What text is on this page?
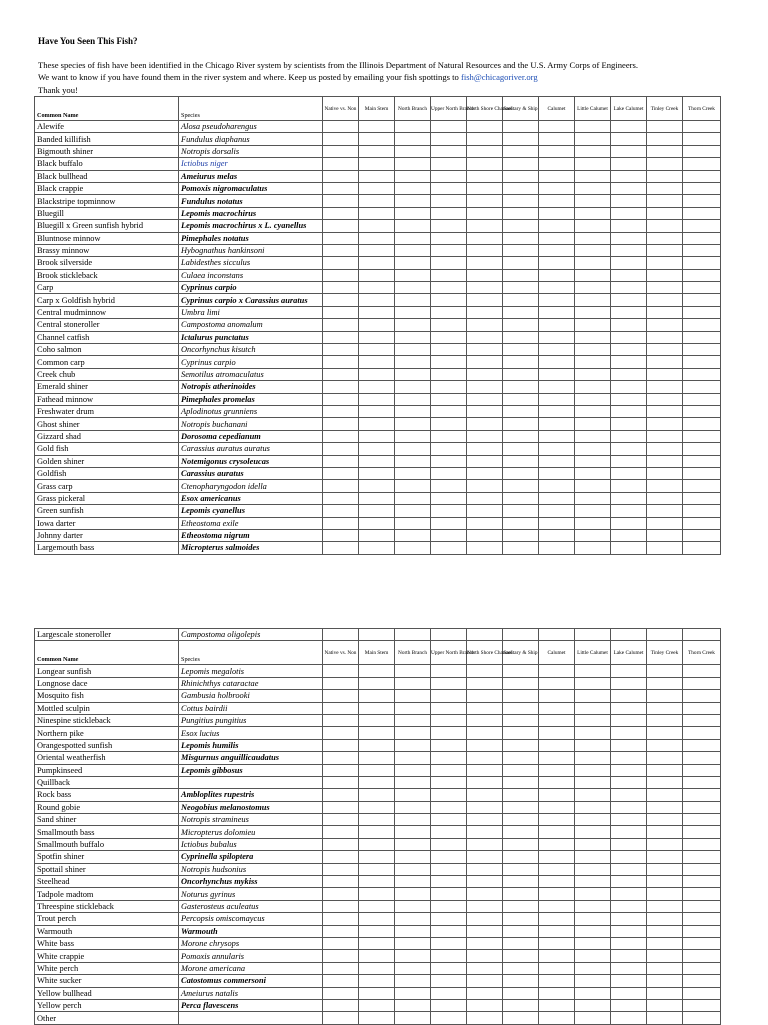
Have You Seen This Fish?
These species of fish have been identified in the Chicago River system by scientists from the Illinois Department of Natural Resources and the U.S. Army Corps of Engineers.
We want to know if you have found them in the river system and where. Keep us posted by emailing your fish spottings to fish@chicagoriver.org
Thank you!
Common Name	Species	Native vs. Non	Main Stem	North Branch	Upper North Branch	North Shore Channel	Sanitary & Ship	Calumet	Little Calumet	Lake Calumet	Tinley Creek	Thorn Creek
Alewife	Alosa pseudoharengus											
Banded killifish	Fundulus diaphanus											
Bigmouth shiner	Notropis dorsalis											
Black buffalo	Ictiobus niger											
Black bullhead	Ameiurus melas											
Black crappie	Pomoxis nigromaculatus											
Blackstripe topminnow	Fundulus notatus											
Bluegill	Lepomis macrochirus											
Bluegill x Green sunfish hybrid	Lepomis macrochirus x L. cyanellus											
Bluntnose minnow	Pimephales notatus											
Brassy minnow	Hybognathus hankinsoni											
Brook silverside	Labidesthes sicculus											
Brook stickleback	Culaea inconstans											
Carp	Cyprinus carpio											
Carp x Goldfish hybrid	Cyprinus carpio x Carassius auratus											
Central mudminnow	Umbra limi											
Central stoneroller	Campostoma anomalum											
Channel catfish	Ictalurus punctatus											
Coho salmon	Oncorhynchus kisutch											
Common carp	Cyprinus carpio											
Creek chub	Semotilus atromaculatus											
Emerald shiner	Notropis atherinoides											
Fathead minnow	Pimephales promelas											
Freshwater drum	Aplodinotus grunniens											
Ghost shiner	Notropis buchanani											
Gizzard shad	Dorosoma cepedianum											
Gold fish	Carassius auratus auratus											
Golden shiner	Notemigonus crysoleucas											
Goldfish	Carassius auratus											
Grass carp	Ctenopharyngodon idella											
Grass pickeral	Esox americanus											
Green sunfish	Lepomis cyanellus											
Iowa darter	Etheostoma exile											
Johnny darter	Etheostoma nigrum											
Largemouth bass	Micropterus salmoides											
Largescale stoneroller	Campostoma oligolepis											
Common Name	Species	Native vs. Non	Main Stem	North Branch	Upper North Branch	North Shore Channel	Sanitary & Ship	Calumet	Little Calumet	Lake Calumet	Tinley Creek	Thorn Creek
Longear sunfish	Lepomis megalotis											
Longnose dace	Rhinichthys cataractae											
Mosquito fish	Gambusia holbrooki											
Mottled sculpin	Cottus bairdii											
Ninespine stickleback	Pungitius pungitius											
Northern pike	Esox lucius											
Orangespotted sunfish	Lepomis humilis											
Oriental weatherfish	Misgurnus anguillicaudatus											
Pumpkinseed	Lepomis gibbosus											
Quillback												
Rock bass	Ambloplites rupestris											
Round gobie	Neogobius melanostomus											
Sand shiner	Notropis stramineus											
Smallmouth bass	Micropterus dolomieu											
Smallmouth buffalo	Ictiobus bubalus											
Spotfin shiner	Cyprinella spiloptera											
Spottail shiner	Notropis hudsonius											
Steelhead	Oncorhynchus mykiss											
Tadpole madtom	Noturus gyrinus											
Threespine stickleback	Gasterosteus aculeatus											
Trout perch	Percopsis omiscomaycus											
Warmouth	Warmouth											
White bass	Morone chrysops											
White crappie	Pomoxis annularis											
White perch	Morone americana											
White sucker	Catostomus commersoni											
Yellow bullhead	Ameiurus natalis											
Yellow perch	Perca flavescens											
Other												
